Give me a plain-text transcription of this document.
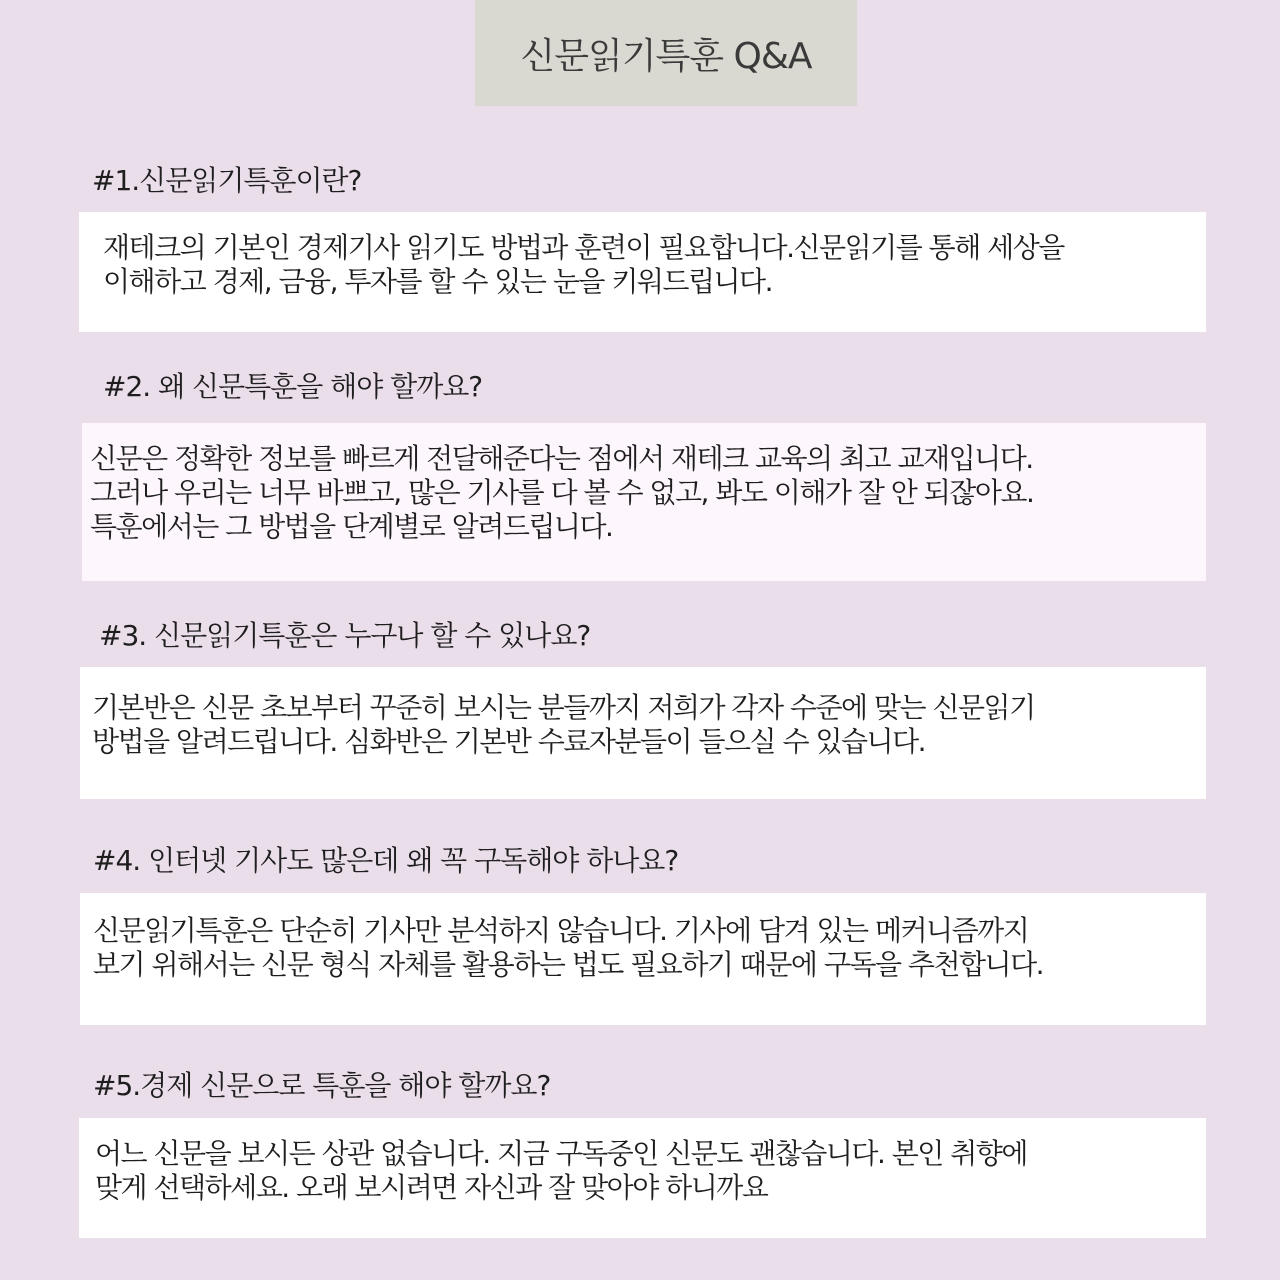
신문읽기특훈 Q&A
#1.신문읽기특훈이란?
재테크의 기본인 경제기사 읽기도 방법과 훈련이 필요합니다.신문읽기를 통해 세상을
이해하고 경제, 금융, 투자를 할 수 있는 눈을 키워드립니다.
#2. 왜 신문특훈을 해야 할까요?
신문은 정확한 정보를 빠르게 전달해준다는 점에서 재테크 교육의 최고 교재입니다.
그러나 우리는 너무 바쁘고, 많은 기사를 다 볼 수 없고, 봐도 이해가 잘 안 되잖아요.
특훈에서는 그 방법을 단계별로 알려드립니다.
#3. 신문읽기특훈은 누구나 할 수 있나요?
기본반은 신문 초보부터 꾸준히 보시는 분들까지 저희가 각자 수준에 맞는 신문읽기
방법을 알려드립니다. 심화반은 기본반 수료자분들이 들으실 수 있습니다.
#4. 인터넷 기사도 많은데 왜 꼭 구독해야 하나요?
신문읽기특훈은 단순히 기사만 분석하지 않습니다. 기사에 담겨 있는 메커니즘까지
보기 위해서는 신문 형식 자체를 활용하는 법도 필요하기 때문에 구독을 추천합니다.
#5.경제 신문으로 특훈을 해야 할까요?
어느 신문을 보시든 상관 없습니다. 지금 구독중인 신문도 괜찮습니다. 본인 취향에
맞게 선택하세요. 오래 보시려면 자신과 잘 맞아야 하니까요
